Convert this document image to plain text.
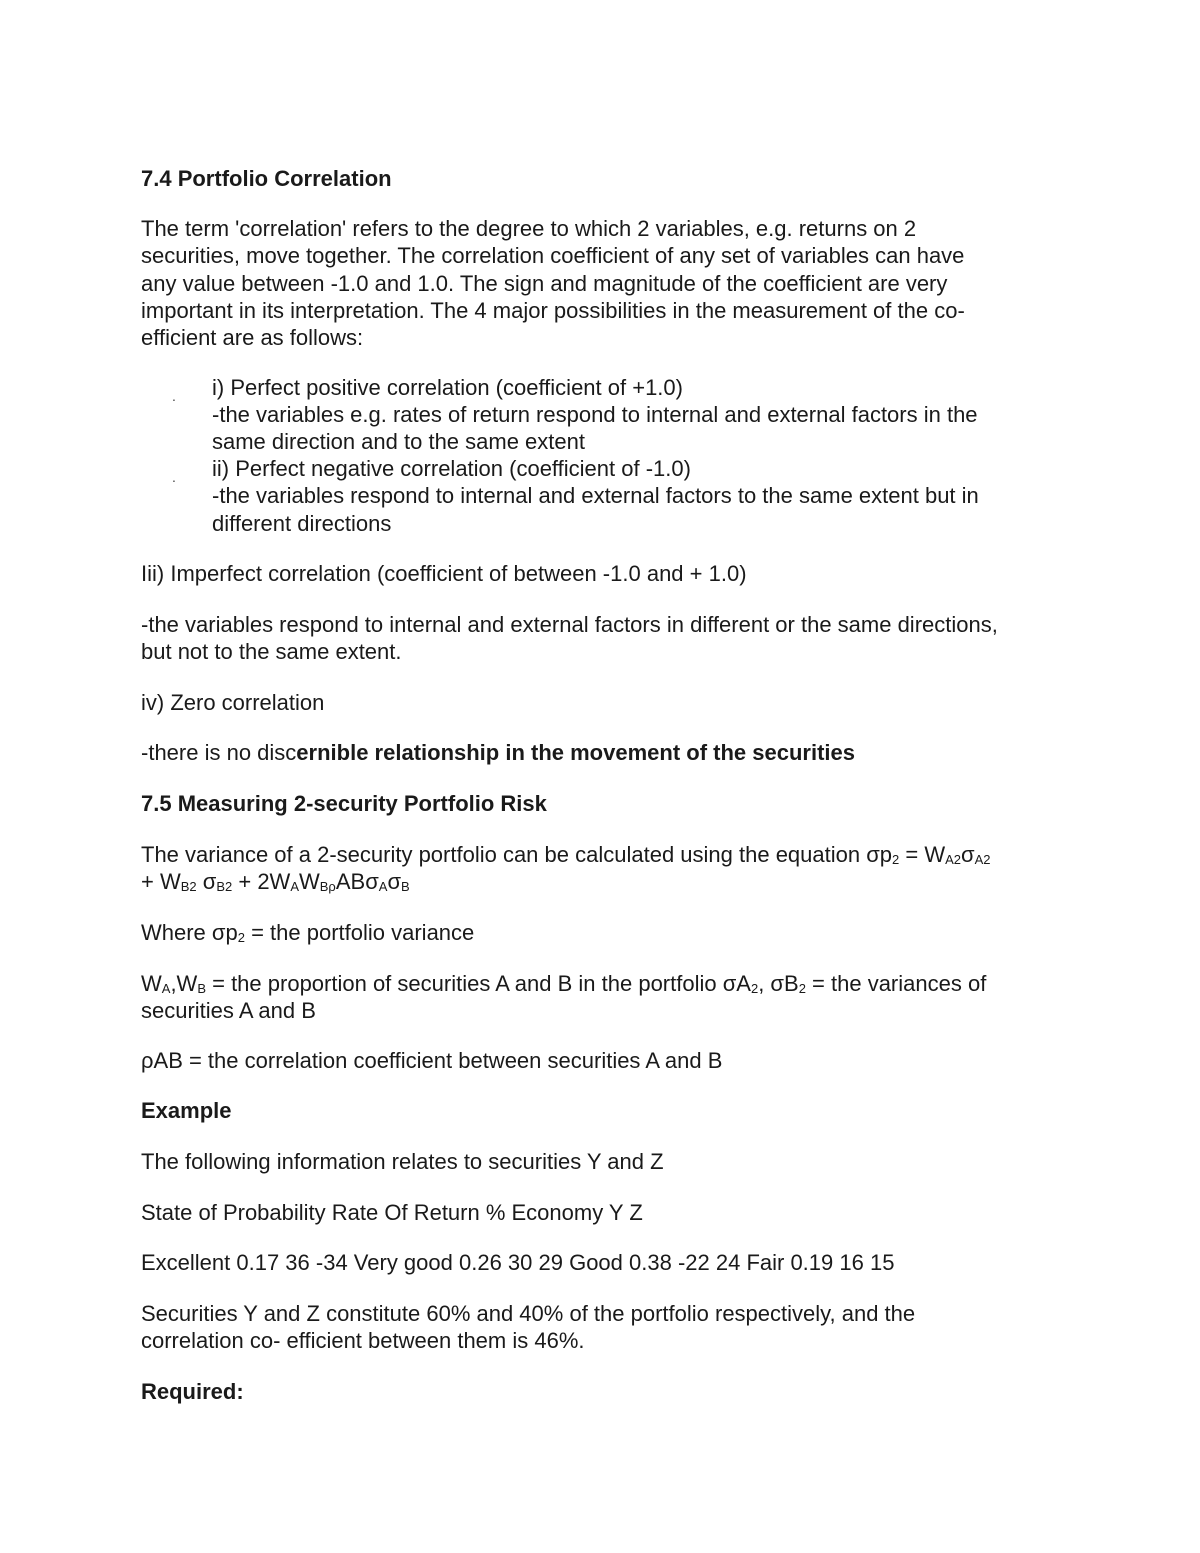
7.4 Portfolio Correlation
The term 'correlation' refers to the degree to which 2 variables, e.g. returns on 2
securities, move together. The correlation coefficient of any set of variables can have
any value between -1.0 and 1.0. The sign and magnitude of the coefficient are very
important in its interpretation. The 4 major possibilities in the measurement of the co-
efficient are as follows:
. i) Perfect positive correlation (coefficient of +1.0)
-the variables e.g. rates of return respond to internal and external factors in the
same direction and to the same extent
. ii) Perfect negative correlation (coefficient of -1.0)
-the variables respond to internal and external factors to the same extent but in
different directions
Iii) Imperfect correlation (coefficient of between -1.0 and + 1.0)
-the variables respond to internal and external factors in different or the same directions,
but not to the same extent.
iv) Zero correlation
-there is no discernible relationship in the movement of the securities
7.5 Measuring 2-security Portfolio Risk
The variance of a 2-security portfolio can be calculated using the equation σp2 = WA2σA2
+ WB2 σB2 + 2WAWBρABσAσB
Where σp2 = the portfolio variance
WA,WB = the proportion of securities A and B in the portfolio σA2, σB2 = the variances of
securities A and B
ρAB = the correlation coefficient between securities A and B
Example
The following information relates to securities Y and Z
State of Probability Rate Of Return % Economy Y Z
Excellent 0.17 36 -34 Very good 0.26 30 29 Good 0.38 -22 24 Fair 0.19 16 15
Securities Y and Z constitute 60% and 40% of the portfolio respectively, and the
correlation co- efficient between them is 46%.
Required:
